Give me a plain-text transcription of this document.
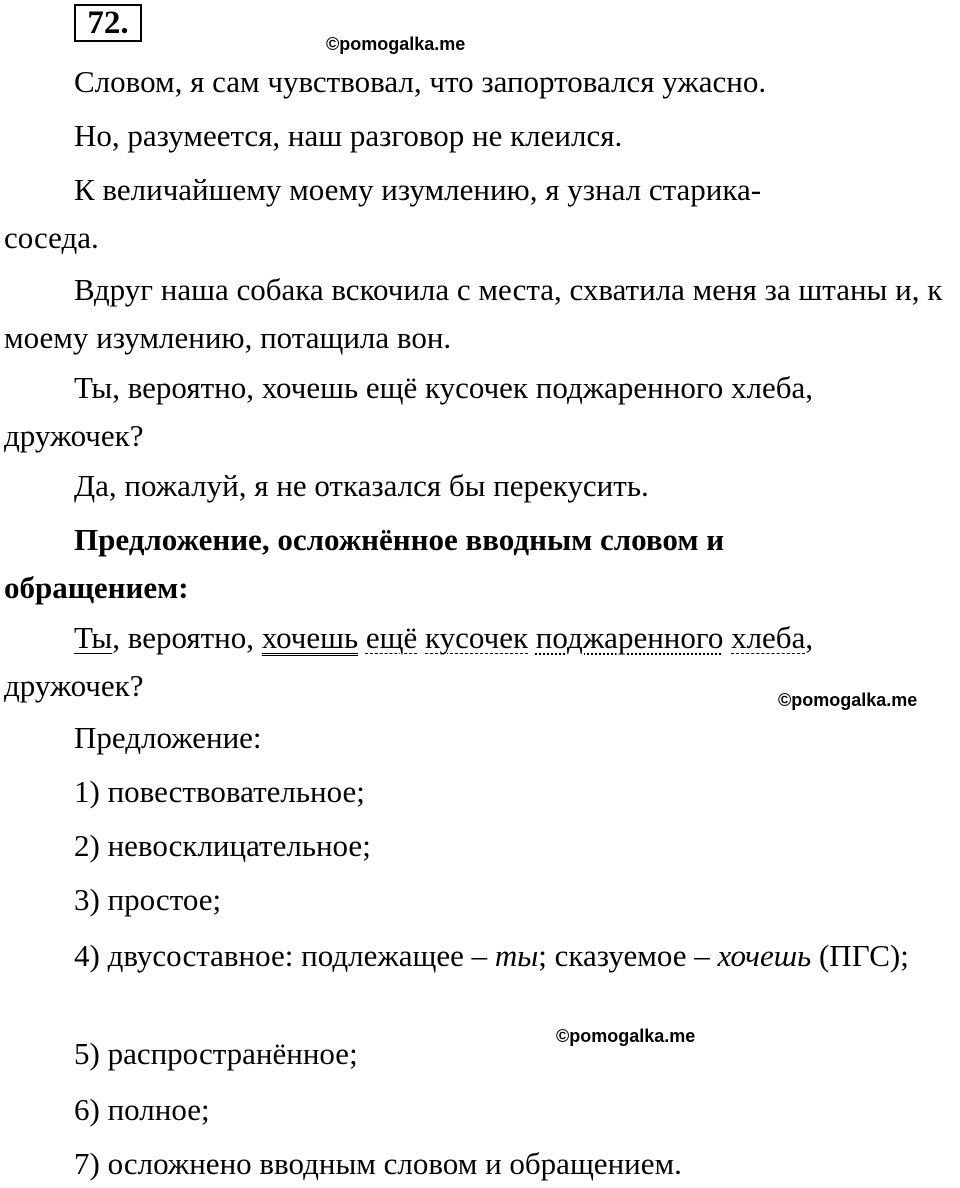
72.
©pomogalka.me
Словом, я сам чувствовал, что запортовался ужасно.
Но, разумеется, наш разговор не клеился.
К величайшему моему изумлению, я узнал старика-соседа.
Вдруг наша собака вскочила с места, схватила меня за штаны и, к моему изумлению, потащила вон.
Ты, вероятно, хочешь ещё кусочек поджаренного хлеба, дружочек?
Да, пожалуй, я не отказался бы перекусить.
Предложение, осложнённое вводным словом и обращением:
Ты, вероятно, хочешь ещё кусочек поджаренного хлеба, дружочек?	©pomogalka.me
Предложение:
1) повествовательное;
2) невосклицательное;
3) простое;
4) двусоставное: подлежащее – ты; сказуемое – хочешь (ПГС);
©pomogalka.me
5) распространённое;
6) полное;
7) осложнено вводным словом и обращением.
